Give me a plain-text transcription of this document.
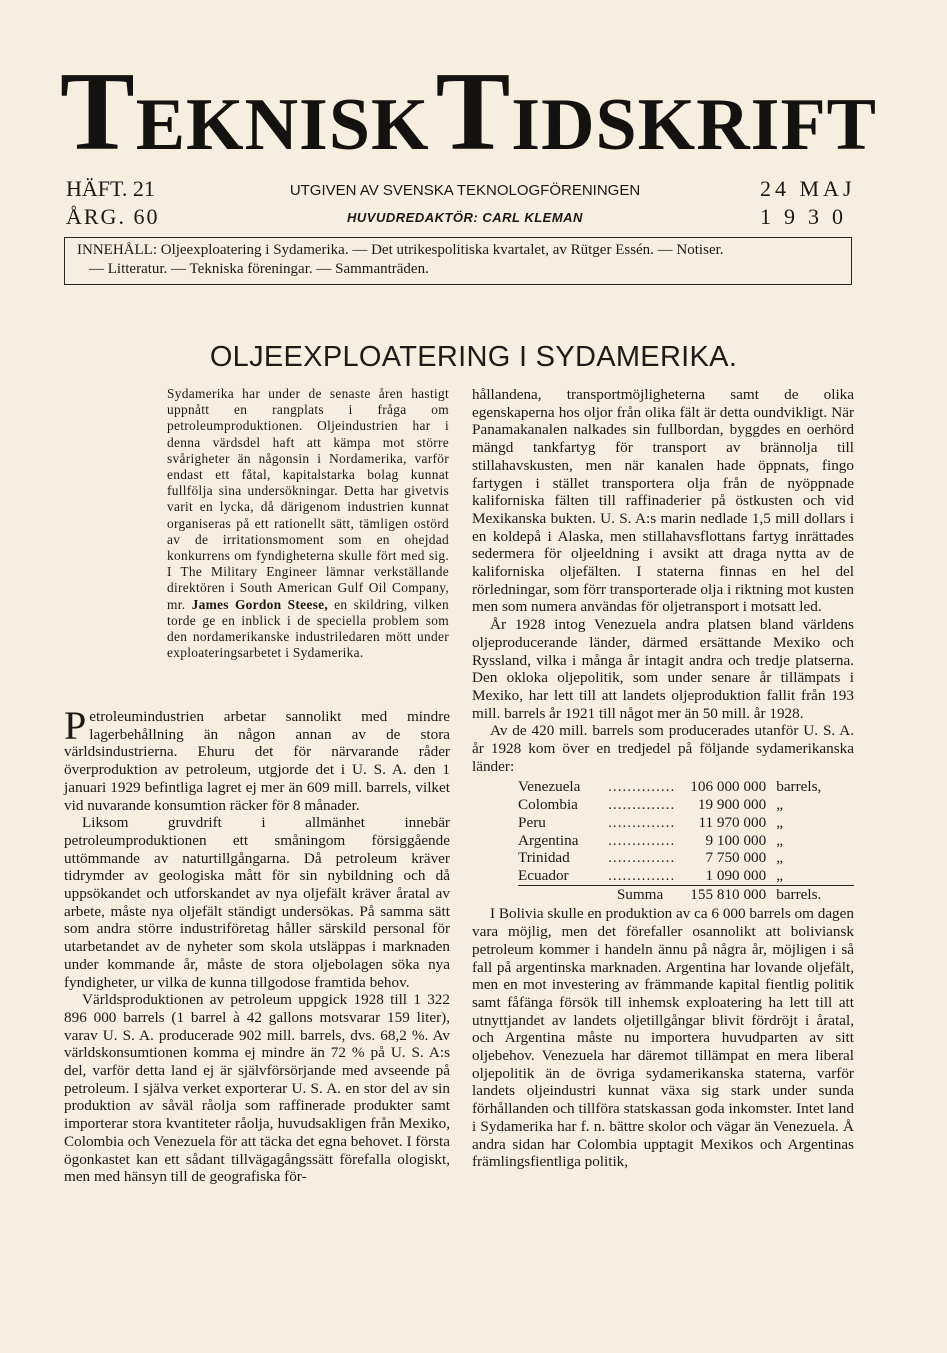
TEKNISKTIDSKRIFT
HÄFT. 21
ÅRG. 60
UTGIVEN AV SVENSKA TEKNOLOGFÖRENINGEN
HUVUDREDAKTÖR: CARL KLEMAN
24 MAJ
1930
INNEHÅLL: Oljeexploatering i Sydamerika. — Det utrikespolitiska kvartalet, av Rütger Essén. — Notiser.
— Litteratur. — Tekniska föreningar. — Sammanträden.
OLJEEXPLOATERING I SYDAMERIKA.
Sydamerika har under de senaste åren hastigt uppnått en rangplats i fråga om petroleumproduktionen. Oljeindustrien har i denna värdsdel haft att kämpa mot större svårigheter än någonsin i Nordamerika, varför endast ett fåtal, kapitalstarka bolag kunnat fullfölja sina undersökningar. Detta har givetvis varit en lycka, då därigenom industrien kunnat organiseras på ett rationellt sätt, tämligen ostörd av de irritationsmoment som en ohejdad konkurrens om fyndigheterna skulle fört med sig. I The Military Engineer lämnar verkställande direktören i South American Gulf Oil Company, mr. James Gordon Steese, en skildring, vilken torde ge en inblick i de speciella problem som den nordamerikanske industriledaren mött under exploateringsarbetet i Sydamerika.

Petroleumindustrien arbetar sannolikt med mindre lagerbehållning än någon annan av de stora världsindustrierna. Ehuru det för närvarande råder överproduktion av petroleum, utgjorde det i U. S. A. den 1 januari 1929 befintliga lagret ej mer än 609 mill. barrels, vilket vid nuvarande konsumtion räcker för 8 månader.

Liksom gruvdrift i allmänhet innebär petroleumproduktionen ett småningom försiggående uttömmande av naturtillgångarna. Då petroleum kräver tidrymder av geologiska mått för sin nybildning och då uppsökandet och utforskandet av nya oljefält kräver åratal av arbete, måste nya oljefält ständigt undersökas. På samma sätt som andra större industriföretag håller särskild personal för utarbetandet av de nyheter som skola utsläppas i marknaden under kommande år, måste de stora oljebolagen söka nya fyndigheter, ur vilka de kunna tillgodose framtida behov.

Världsproduktionen av petroleum uppgick 1928 till 1 322 896 000 barrels (1 barrel à 42 gallons motsvarar 159 liter), varav U. S. A. producerade 902 mill. barrels, dvs. 68,2 %. Av världskonsumtionen komma ej mindre än 72 % på U. S. A:s del, varför detta land ej är självförsörjande med avseende på petroleum. I själva verket exporterar U. S. A. en stor del av sin produktion av såväl råolja som raffinerade produkter samt importerar stora kvantiteter råolja, huvudsakligen från Mexiko, Colombia och Venezuela för att täcka det egna behovet. I första ögonkastet kan ett sådant tillvägagångssätt förefalla ologiskt, men med hänsyn till de geografiska för-

hållandena, transportmöjligheterna samt de olika egenskaperna hos oljor från olika fält är detta oundvikligt. När Panamakanalen nalkades sin fullbordan, byggdes en oerhörd mängd tankfartyg för transport av brännolja till stillahavskusten, men när kanalen hade öppnats, fingo fartygen i stället transportera olja från de nyöppnade kaliforniska fälten till raffinaderier på östkusten och vid Mexikanska bukten. U. S. A:s marin nedlade 1,5 mill dollars i en koldepå i Alaska, men stillahavsflottans fartyg inrättades sedermera för oljeeldning i avsikt att draga nytta av de kaliforniska oljefälten. I staterna finnas en hel del rörledningar, som förr transporterade olja i riktning mot kusten men som numera användas för oljetransport i motsatt led.

År 1928 intog Venezuela andra platsen bland världens oljeproducerande länder, därmed ersättande Mexiko och Ryssland, vilka i många år intagit andra och tredje platserna. Den okloka oljepolitik, som under senare år tillämpats i Mexiko, har lett till att landets oljeproduktion fallit från 193 mill. barrels år 1921 till något mer än 50 mill. år 1928.

Av de 420 mill. barrels som producerades utanför U. S. A. år 1928 kom över en tredjedel på följande sydamerikanska länder:

Venezuela	..............	106 000 000	barrels,
Colombia	..............	19 900 000	„
Peru	..............	11 970 000	„
Argentina	..............	9 100 000	„
Trinidad	..............	7 750 000	„
Ecuador	..............	1 090 000	„
Summa		155 810 000	barrels.

I Bolivia skulle en produktion av ca 6 000 barrels om dagen vara möjlig, men det förefaller osannolikt att boliviansk petroleum kommer i handeln ännu på några år, möjligen i så fall på argentinska marknaden. Argentina har lovande oljefält, men en mot investering av främmande kapital fientlig politik samt fåfänga försök till inhemsk exploatering ha lett till att utnyttjandet av landets oljetillgångar blivit fördröjt i åratal, och Argentina måste nu importera huvudparten av sitt oljebehov. Venezuela har däremot tillämpat en mera liberal oljepolitik än de övriga sydamerikanska staterna, varför landets oljeindustri kunnat växa sig stark under sunda förhållanden och tillföra statskassan goda inkomster. Intet land i Sydamerika har f. n. bättre skolor och vägar än Venezuela. Å andra sidan har Colombia upptagit Mexikos och Argentinas främlingsfientliga politik,
